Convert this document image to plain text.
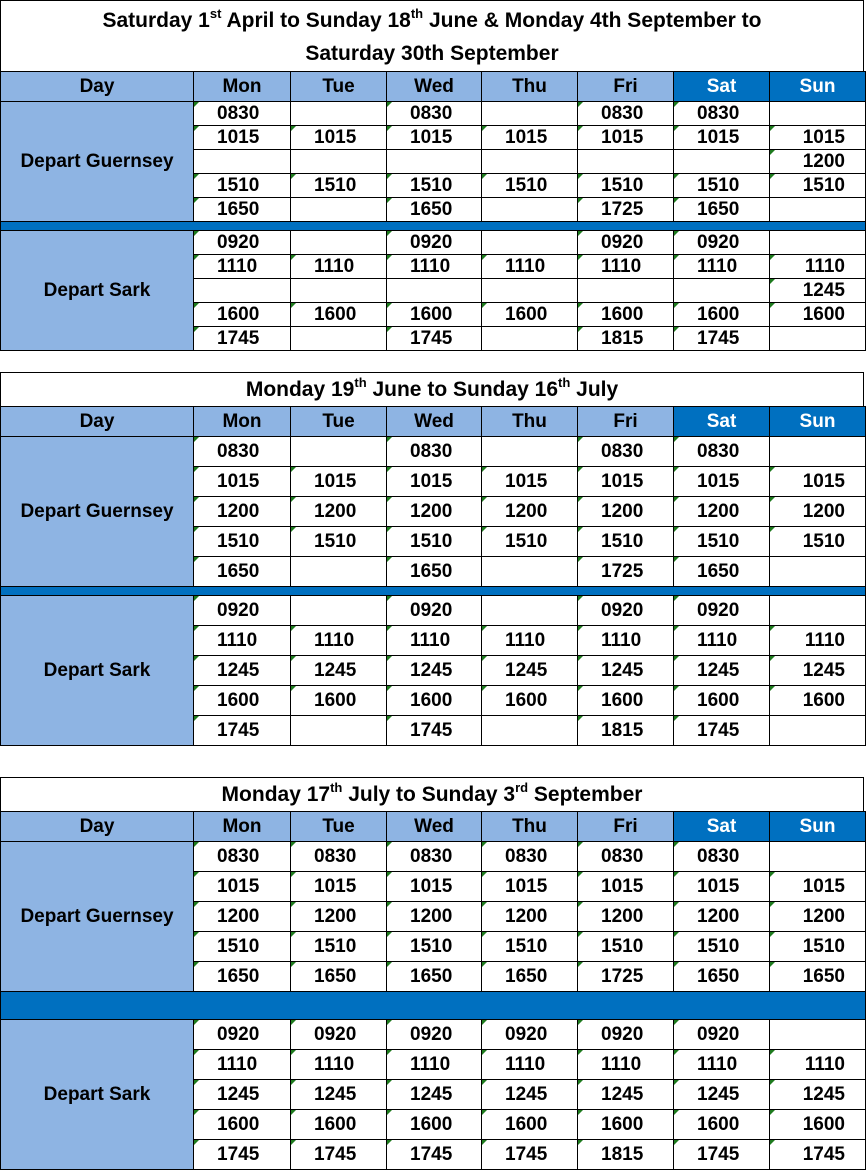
Saturday 1st April to Sunday 18th June & Monday 4th September to
Saturday 30th September
Day	Mon	Tue	Wed	Thu	Fri	Sat	Sun
Depart Guernsey	0830		0830		0830	0830	
	1015	1015	1015	1015	1015	1015	1015
							1200
	1510	1510	1510	1510	1510	1510	1510
	1650		1650		1725	1650	

Depart Sark	0920		0920		0920	0920	
	1110	1110	1110	1110	1110	1110	1110
							1245
	1600	1600	1600	1600	1600	1600	1600
	1745		1745		1815	1745	
Monday 19th June to Sunday 16th July
Day	Mon	Tue	Wed	Thu	Fri	Sat	Sun
Depart Guernsey	0830		0830		0830	0830	
	1015	1015	1015	1015	1015	1015	1015
	1200	1200	1200	1200	1200	1200	1200
	1510	1510	1510	1510	1510	1510	1510
	1650		1650		1725	1650	

Depart Sark	0920		0920		0920	0920	
	1110	1110	1110	1110	1110	1110	1110
	1245	1245	1245	1245	1245	1245	1245
	1600	1600	1600	1600	1600	1600	1600
	1745		1745		1815	1745	
Monday 17th July to Sunday 3rd September
Day	Mon	Tue	Wed	Thu	Fri	Sat	Sun
Depart Guernsey	0830	0830	0830	0830	0830	0830	
	1015	1015	1015	1015	1015	1015	1015
	1200	1200	1200	1200	1200	1200	1200
	1510	1510	1510	1510	1510	1510	1510
	1650	1650	1650	1650	1725	1650	1650

Depart Sark	0920	0920	0920	0920	0920	0920	
	1110	1110	1110	1110	1110	1110	1110
	1245	1245	1245	1245	1245	1245	1245
	1600	1600	1600	1600	1600	1600	1600
	1745	1745	1745	1745	1815	1745	1745
